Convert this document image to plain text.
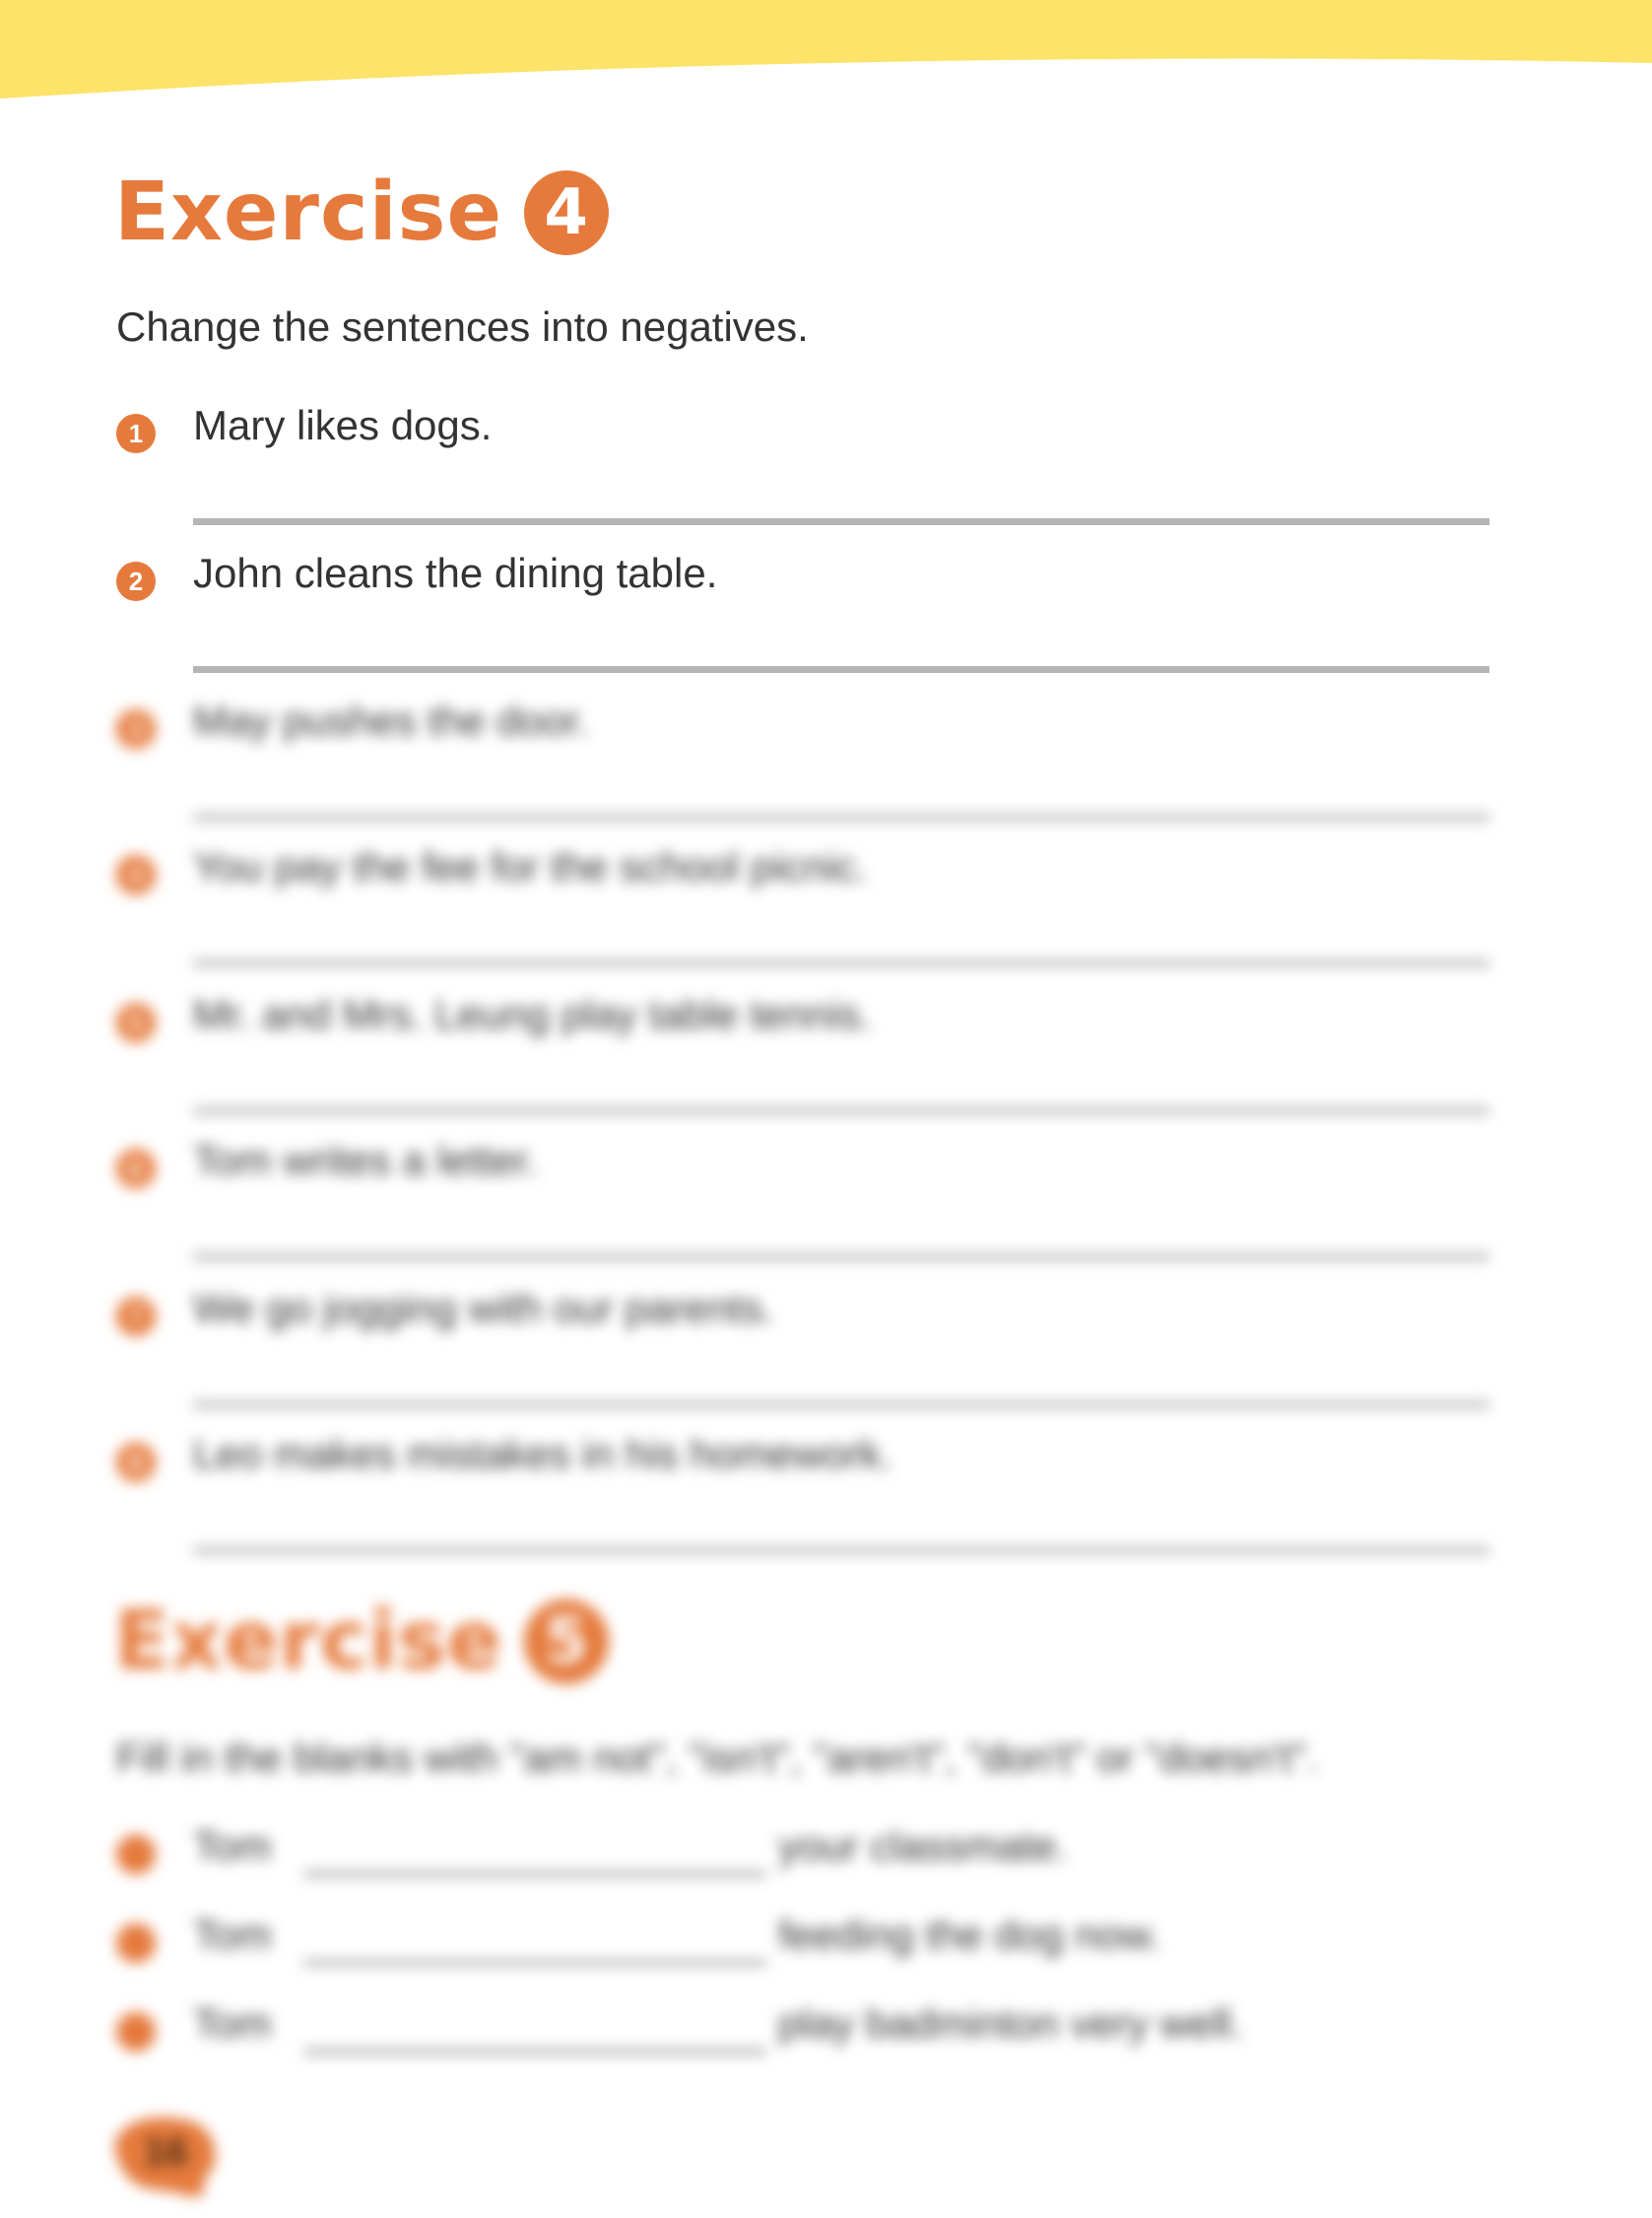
Exercise 4
Change the sentences into negatives.
1	Mary likes dogs.
2	John cleans the dining table.
3	May pushes the door.
4	You pay the fee for the school picnic.
5	Mr. and Mrs. Leung play table tennis.
6	Tom writes a letter.
7	We go jogging with our parents.
8	Leo makes mistakes in his homework.
Exercise 5
Fill in the blanks with "am not", "isn't", "aren't", "don't" or "doesn't".
Tom	your classmate.
Tom	feeding the dog now.
Tom	play badminton very well.
16
